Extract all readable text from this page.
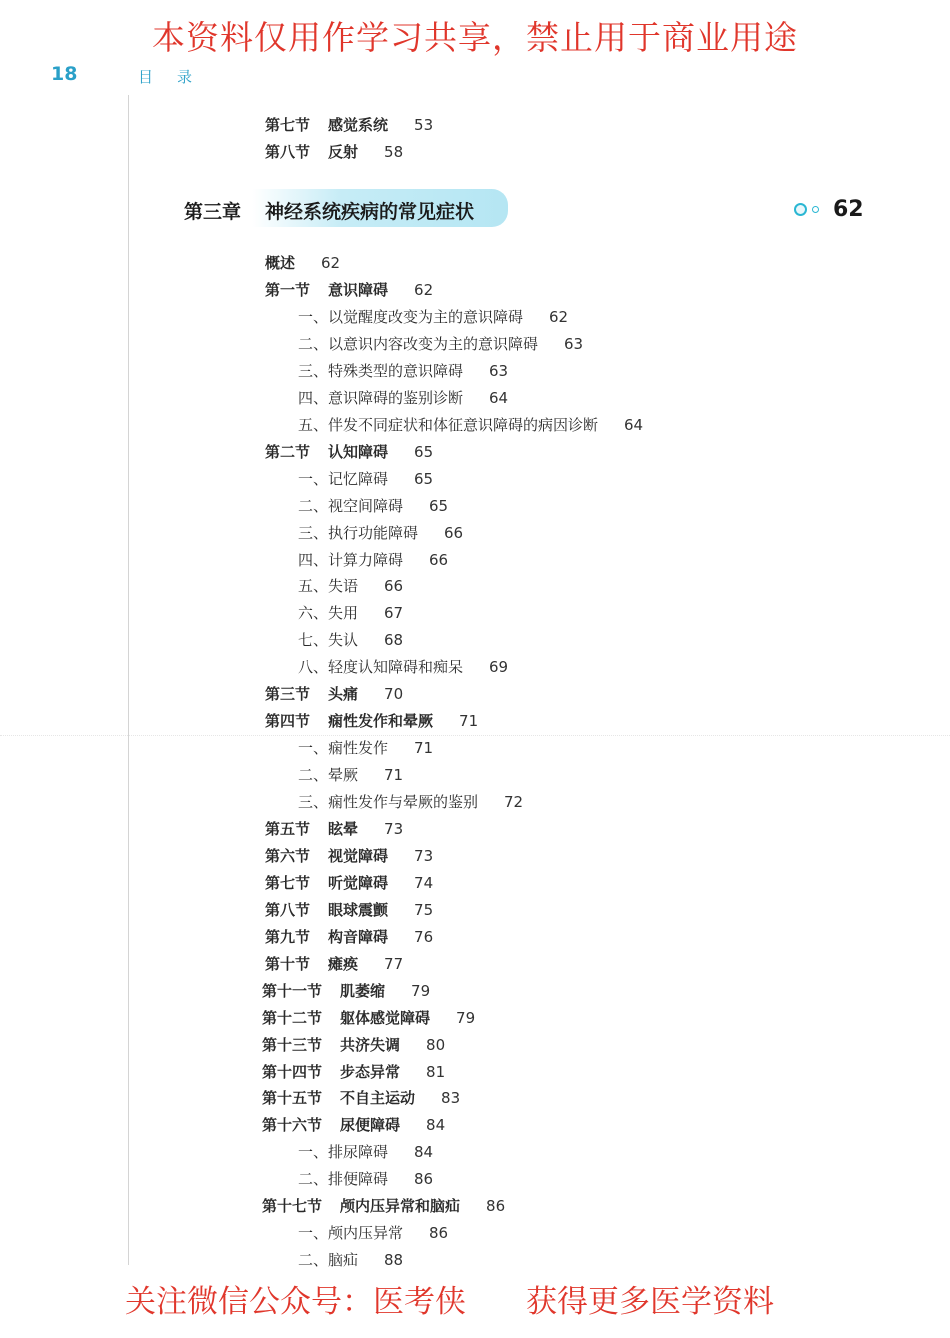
本资料仅用作学习共享，禁止用于商业用途
18	目录
第七节 感觉系统 53
第八节 反射 58
第三章 神经系统疾病的常见症状	62
概述 62
第一节 意识障碍 62
一、以觉醒度改变为主的意识障碍 62
二、以意识内容改变为主的意识障碍 63
三、特殊类型的意识障碍 63
四、意识障碍的鉴别诊断 64
五、伴发不同症状和体征意识障碍的病因诊断 64
第二节 认知障碍 65
一、记忆障碍 65
二、视空间障碍 65
三、执行功能障碍 66
四、计算力障碍 66
五、失语 66
六、失用 67
七、失认 68
八、轻度认知障碍和痴呆 69
第三节 头痛 70
第四节 痫性发作和晕厥 71
一、痫性发作 71
二、晕厥 71
三、痫性发作与晕厥的鉴别 72
第五节 眩晕 73
第六节 视觉障碍 73
第七节 听觉障碍 74
第八节 眼球震颤 75
第九节 构音障碍 76
第十节 瘫痪 77
第十一节 肌萎缩 79
第十二节 躯体感觉障碍 79
第十三节 共济失调 80
第十四节 步态异常 81
第十五节 不自主运动 83
第十六节 尿便障碍 84
一、排尿障碍 84
二、排便障碍 86
第十七节 颅内压异常和脑疝 86
一、颅内压异常 86
二、脑疝 88
关注微信公众号：医考侠 获得更多医学资料
